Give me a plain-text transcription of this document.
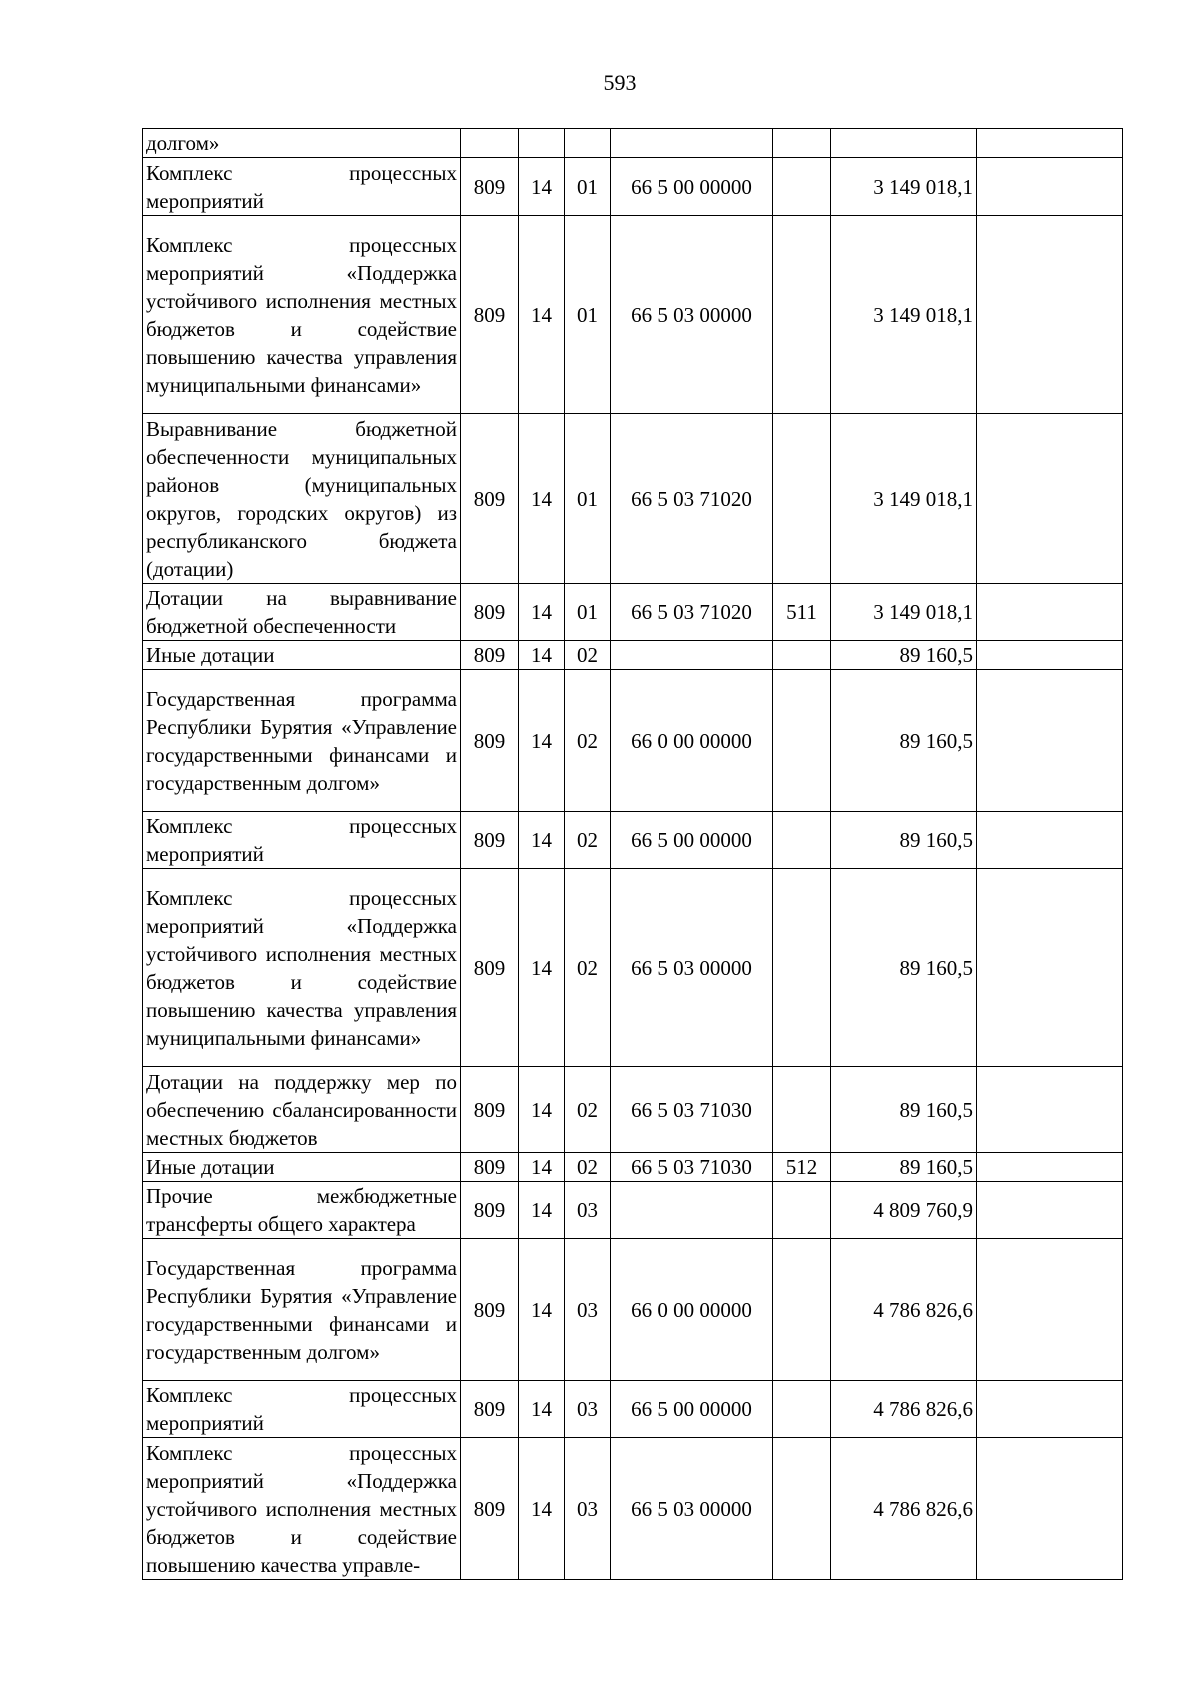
593
долгом»							
Комплекс процессных мероприятий	809	14	01	66 5 00 00000		3 149 018,1	
Комплекс процессных мероприятий «Поддержка устойчивого исполнения местных бюджетов и содействие повышению качества управления муниципальными финансами»	809	14	01	66 5 03 00000		3 149 018,1	
Выравнивание бюджетной обеспеченности муниципальных районов (муниципальных округов, городских округов) из республиканского бюджета (дотации)	809	14	01	66 5 03 71020		3 149 018,1	
Дотации на выравнивание бюджетной обеспеченности	809	14	01	66 5 03 71020	511	3 149 018,1	
Иные дотации	809	14	02			89 160,5	
Государственная программа Республики Бурятия «Управление государственными финансами и государственным долгом»	809	14	02	66 0 00 00000		89 160,5	
Комплекс процессных мероприятий	809	14	02	66 5 00 00000		89 160,5	
Комплекс процессных мероприятий «Поддержка устойчивого исполнения местных бюджетов и содействие повышению качества управления муниципальными финансами»	809	14	02	66 5 03 00000		89 160,5	
Дотации на поддержку мер по обеспечению сбалансированности местных бюджетов	809	14	02	66 5 03 71030		89 160,5	
Иные дотации	809	14	02	66 5 03 71030	512	89 160,5	
Прочие межбюджетные трансферты общего характера	809	14	03			4 809 760,9	
Государственная программа Республики Бурятия «Управление государственными финансами и государственным долгом»	809	14	03	66 0 00 00000		4 786 826,6	
Комплекс процессных мероприятий	809	14	03	66 5 00 00000		4 786 826,6	
Комплекс процессных мероприятий «Поддержка устойчивого исполнения местных бюджетов и содействие повышению качества управле-	809	14	03	66 5 03 00000		4 786 826,6	
